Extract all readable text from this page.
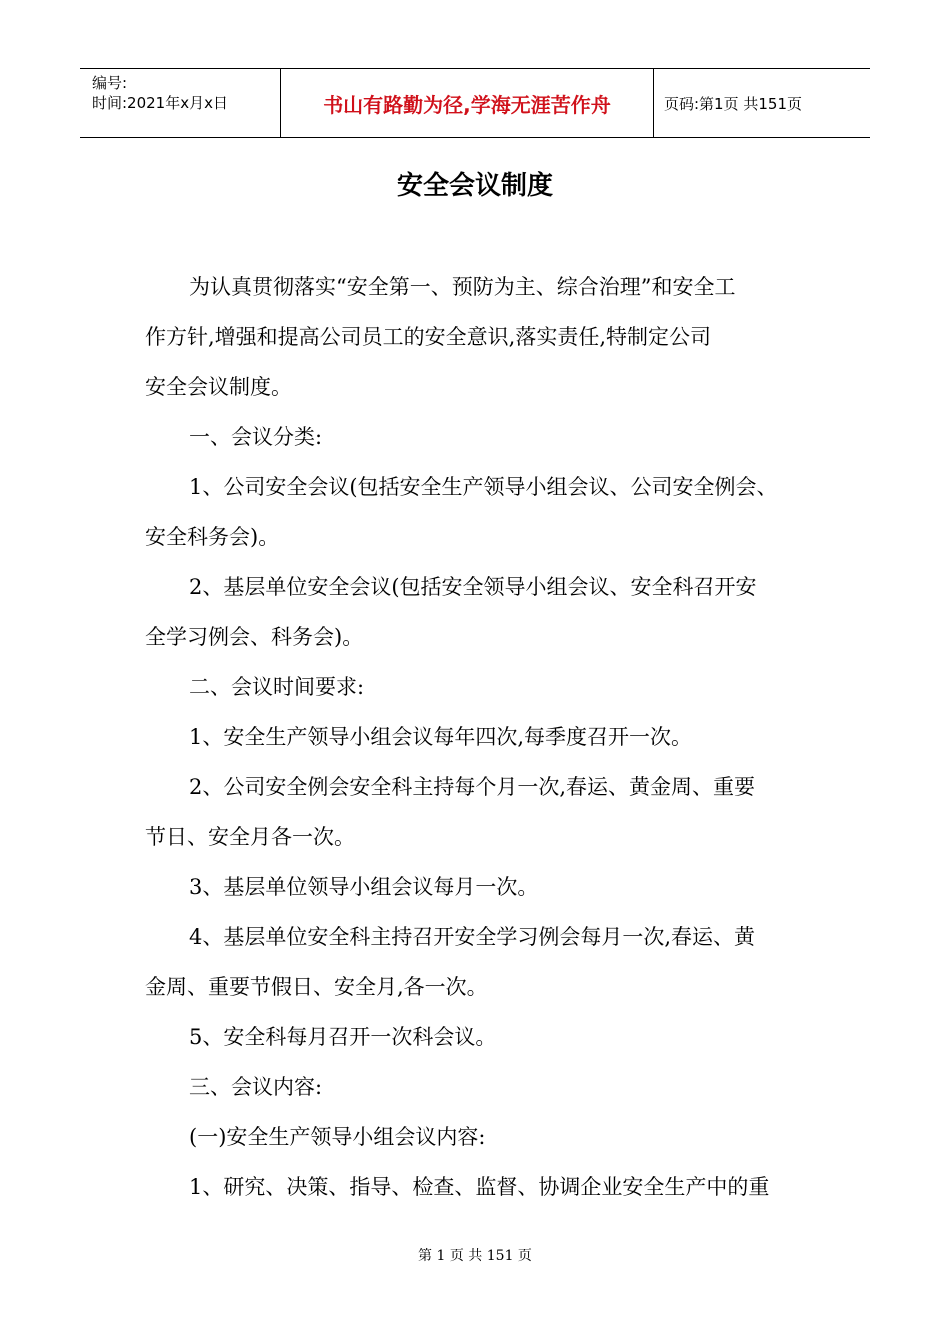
编号:
时间:2021年x月x日	书山有路勤为径,学海无涯苦作舟	页码:第1页 共151页
安全会议制度
为认真贯彻落实“安全第一、预防为主、综合治理”和安全工
作方针,增强和提高公司员工的安全意识,落实责任,特制定公司
安全会议制度。
一、会议分类:
1、公司安全会议(包括安全生产领导小组会议、公司安全例会、
安全科务会)。
2、基层单位安全会议(包括安全领导小组会议、安全科召开安
全学习例会、科务会)。
二、会议时间要求:
1、安全生产领导小组会议每年四次,每季度召开一次。
2、公司安全例会安全科主持每个月一次,春运、黄金周、重要
节日、安全月各一次。
3、基层单位领导小组会议每月一次。
4、基层单位安全科主持召开安全学习例会每月一次,春运、黄
金周、重要节假日、安全月,各一次。
5、安全科每月召开一次科会议。
三、会议内容:
(一)安全生产领导小组会议内容:
1、研究、决策、指导、检查、监督、协调企业安全生产中的重
第 1 页 共 151 页
